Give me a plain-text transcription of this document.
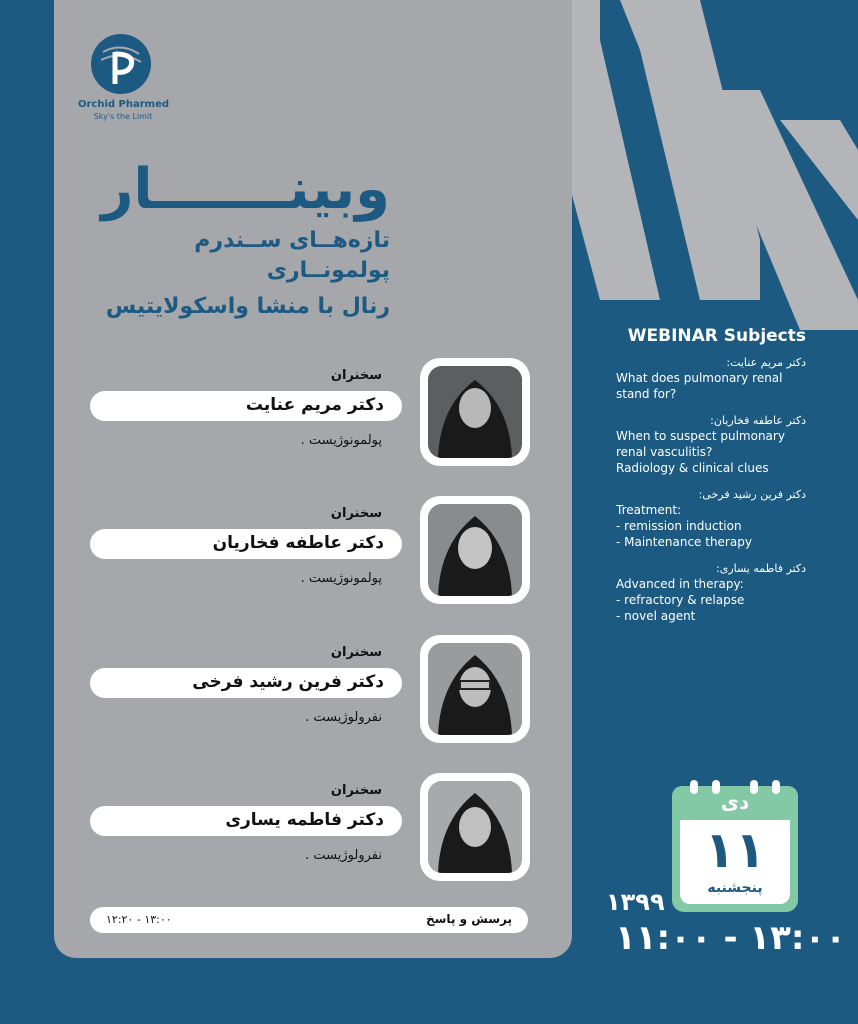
Orchid Pharmed
Sky's the Limit
وبینـــــــار
تازه‌هــای ســندرم پولمونــاری
رنال با منشا واسکولایتیس
سخنران
دکتر مریم عنایت
پولمونوژیست .
سخنران
دکتر عاطفه فخاریان
پولمونوژیست .
سخنران
دکتر فرین رشید فرخی
نفرولوژیست .
سخنران
دکتر فاطمه یساری
نفرولوژیست .
پرسش و پاسخ
۱۳:۰۰ - ۱۲:۲۰
WEBINAR Subjects
دکتر مریم عنایت:
What does pulmonary renal
stand for?
دکتر عاطفه فخاریان:
When to suspect pulmonary
renal vasculitis?
Radiology & clinical clues
دکتر فرین رشید فرخی:
Treatment:
- remission induction
- Maintenance therapy
دکتر فاطمه یساری:
Advanced in therapy:
- refractory & relapse
- novel agent
دی
۱۱
پنجشنبه
۱۳۹۹
۱۱:۰۰ - ۱۳:۰۰
